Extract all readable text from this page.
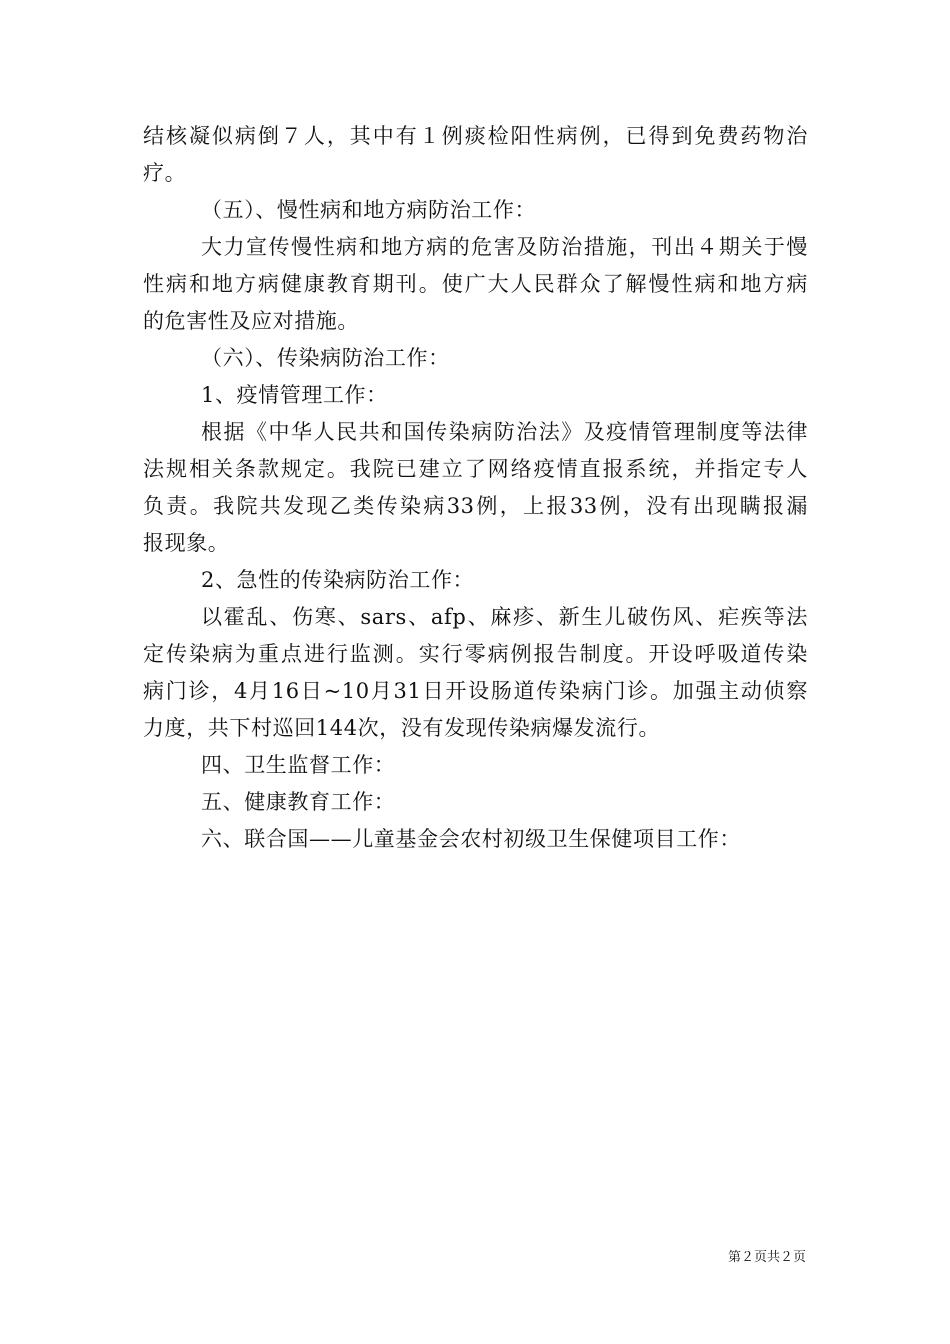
结核凝似病倒７人，其中有１例痰检阳性病例，已得到免费药物治
疗。
（五）、慢性病和地方病防治工作：
大力宣传慢性病和地方病的危害及防治措施，刊出４期关于慢
性病和地方病健康教育期刊。使广大人民群众了解慢性病和地方病
的危害性及应对措施。
（六）、传染病防治工作：
1、疫情管理工作：
根据《中华人民共和国传染病防治法》及疫情管理制度等法律
法规相关条款规定。我院已建立了网络疫情直报系统，并指定专人
负责。我院共发现乙类传染病33例，上报33例，没有出现瞒报漏
报现象。
2、急性的传染病防治工作：
以霍乱、伤寒、sars、afp、麻疹、新生儿破伤风、疟疾等法
定传染病为重点进行监测。实行零病例报告制度。开设呼吸道传染
病门诊，4月16日~10月31日开设肠道传染病门诊。加强主动侦察
力度，共下村巡回144次，没有发现传染病爆发流行。
四、卫生监督工作：
五、健康教育工作：
六、联合国——儿童基金会农村初级卫生保健项目工作：
第２页共２页
